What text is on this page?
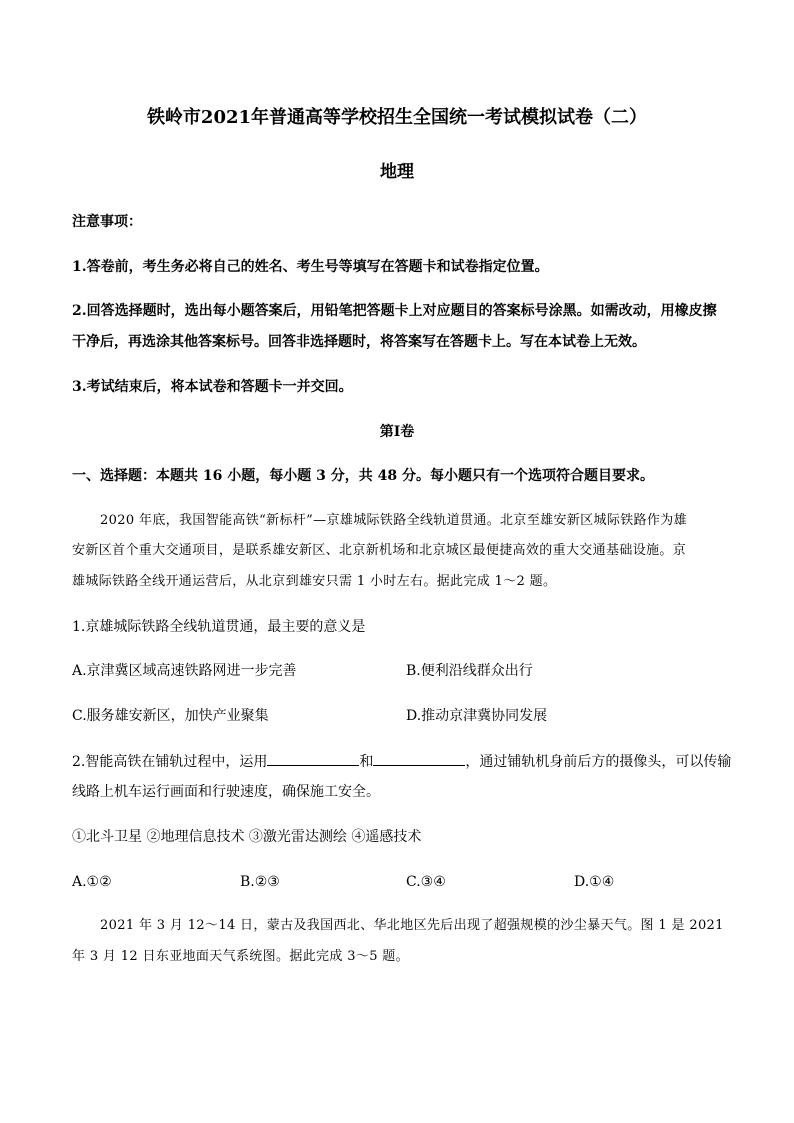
铁岭市2021年普通高等学校招生全国统一考试模拟试卷（二）
地理
注意事项：
1.答卷前，考生务必将自己的姓名、考生号等填写在答题卡和试卷指定位置。
2.回答选择题时，选出每小题答案后，用铅笔把答题卡上对应题目的答案标号涂黑。如需改动，用橡皮擦
干净后，再选涂其他答案标号。回答非选择题时，将答案写在答题卡上。写在本试卷上无效。
3.考试结束后，将本试卷和答题卡一并交回。
第Ⅰ卷
一、选择题：本题共 16 小题，每小题 3 分，共 48 分。每小题只有一个选项符合题目要求。
2020 年底，我国智能高铁“新标杆”—京雄城际铁路全线轨道贯通。北京至雄安新区城际铁路作为雄
安新区首个重大交通项目，是联系雄安新区、北京新机场和北京城区最便捷高效的重大交通基础设施。京
雄城际铁路全线开通运营后，从北京到雄安只需 1 小时左右。据此完成 1～2 题。
1.京雄城际铁路全线轨道贯通，最主要的意义是
A.京津冀区域高速铁路网进一步完善	B.便利沿线群众出行
C.服务雄安新区，加快产业聚集	D.推动京津冀协同发展
2.智能高铁在铺轨过程中，运用	和	，通过铺轨机身前后方的摄像头，可以传输
线路上机车运行画面和行驶速度，确保施工安全。
①北斗卫星 ②地理信息技术 ③激光雷达测绘 ④遥感技术
A.①②	B.②③	C.③④	D.①④
2021 年 3 月 12～14 日，蒙古及我国西北、华北地区先后出现了超强规模的沙尘暴天气。图 1 是 2021
年 3 月 12 日东亚地面天气系统图。据此完成 3～5 题。
